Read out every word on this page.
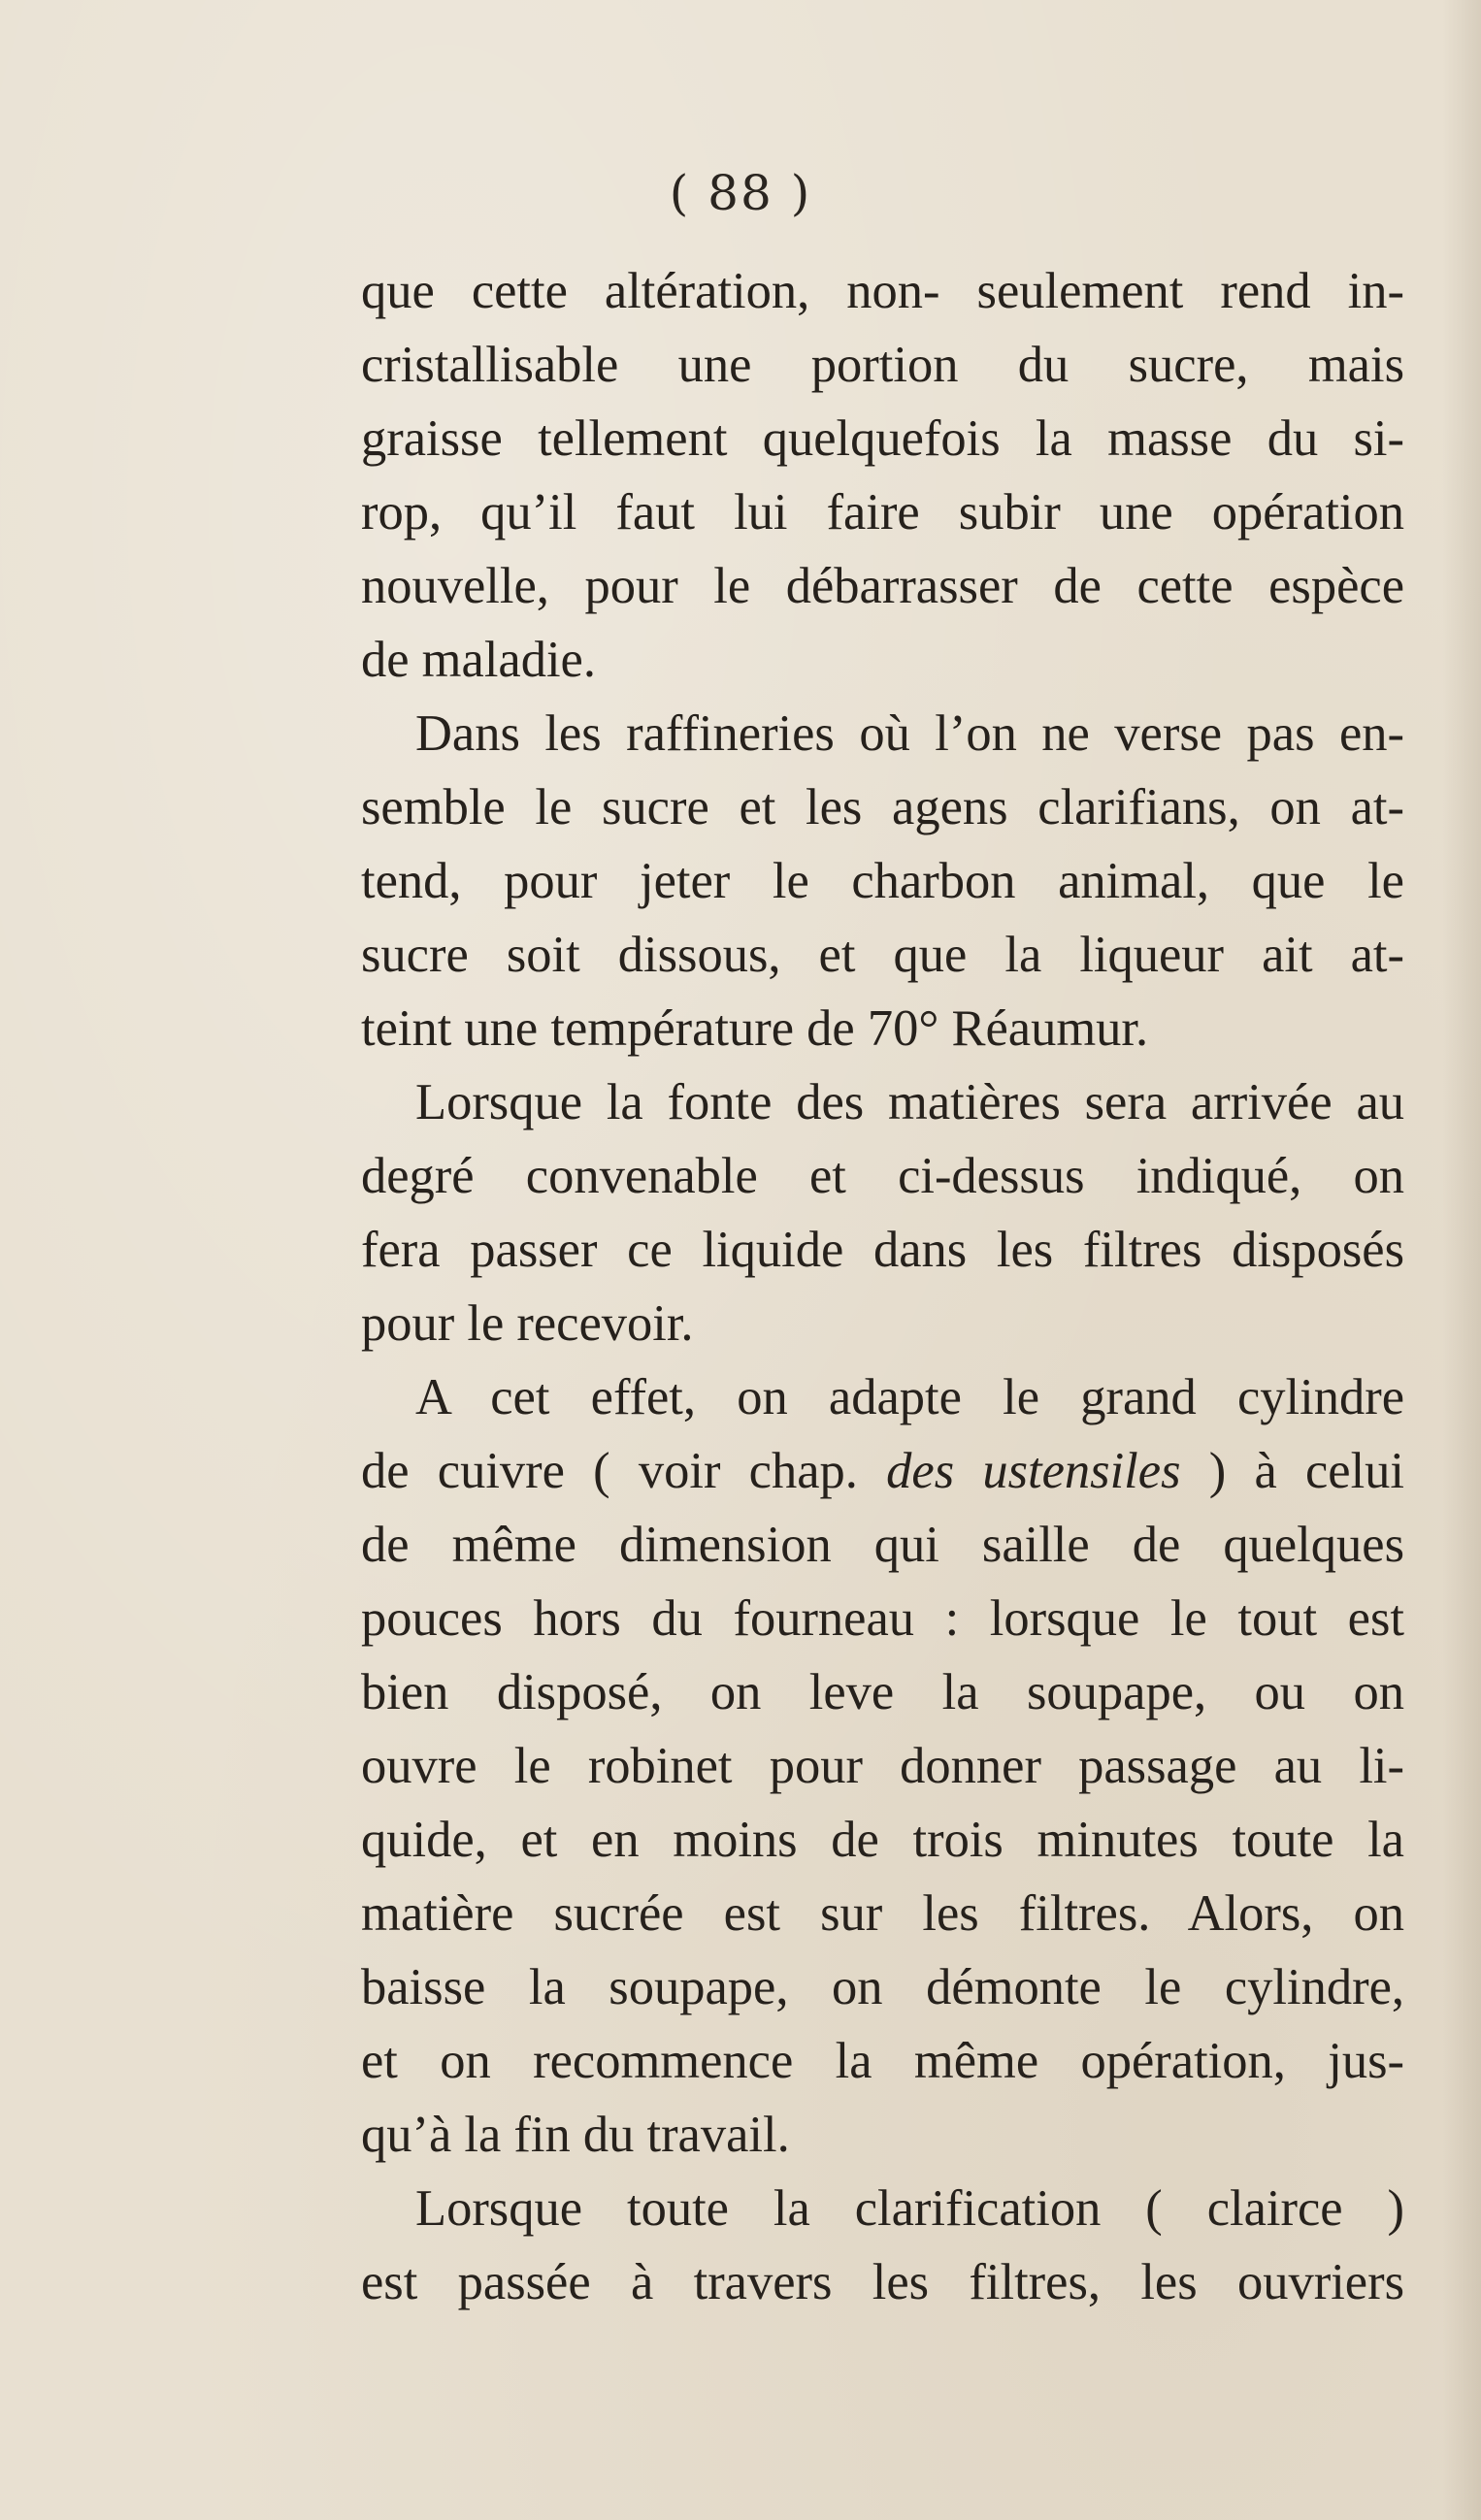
( 88 )

que cette altération, non- seulement rend in-
cristallisable une portion du sucre, mais
graisse tellement quelquefois la masse du si-
rop, qu’il faut lui faire subir une opération
nouvelle, pour le débarrasser de cette espèce
de maladie.

Dans les raffineries où l’on ne verse pas en-
semble le sucre et les agens clarifians, on at-
tend, pour jeter le charbon animal, que le
sucre soit dissous, et que la liqueur ait at-
teint une température de 70° Réaumur.

Lorsque la fonte des matières sera arrivée au
degré convenable et ci-dessus indiqué, on
fera passer ce liquide dans les filtres disposés
pour le recevoir.

A cet effet, on adapte le grand cylindre
de cuivre ( voir chap. des ustensiles ) à celui
de même dimension qui saille de quelques
pouces hors du fourneau : lorsque le tout est
bien disposé, on leve la soupape, ou on
ouvre le robinet pour donner passage au li-
quide, et en moins de trois minutes toute la
matière sucrée est sur les filtres. Alors, on
baisse la soupape, on démonte le cylindre,
et on recommence la même opération, jus-
qu’à la fin du travail.

Lorsque toute la clarification ( clairce )
est passée à travers les filtres, les ouvriers
